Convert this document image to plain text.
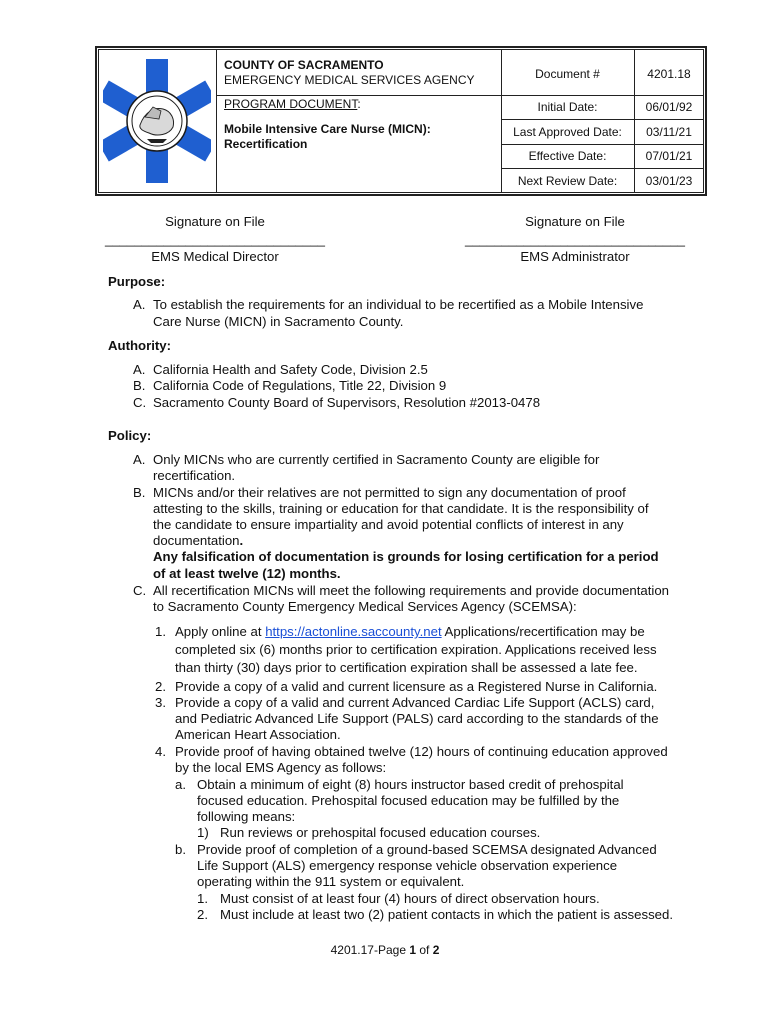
COUNTY OF SACRAMENTO
EMERGENCY MEDICAL SERVICES AGENCY
PROGRAM DOCUMENT:
Mobile Intensive Care Nurse (MICN):
Recertification
Document #	4201.18
Initial Date:	06/01/92
Last Approved Date:	03/11/21
Effective Date:	07/01/21
Next Review Date:	03/01/23
Signature on File
______________________________
EMS Medical Director
Signature on File
______________________________
EMS Administrator
Purpose:
A. To establish the requirements for an individual to be recertified as a Mobile Intensive
Care Nurse (MICN) in Sacramento County.
Authority:
A. California Health and Safety Code, Division 2.5
B. California Code of Regulations, Title 22, Division 9
C. Sacramento County Board of Supervisors, Resolution #2013-0478
Policy:
A. Only MICNs who are currently certified in Sacramento County are eligible for
recertification.
B. MICNs and/or their relatives are not permitted to sign any documentation of proof
attesting to the skills, training or education for that candidate. It is the responsibility of
the candidate to ensure impartiality and avoid potential conflicts of interest in any
documentation.
Any falsification of documentation is grounds for losing certification for a period
of at least twelve (12) months.
C. All recertification MICNs will meet the following requirements and provide documentation
to Sacramento County Emergency Medical Services Agency (SCEMSA):
1. Apply online at https://actonline.saccounty.net Applications/recertification may be
completed six (6) months prior to certification expiration. Applications received less
than thirty (30) days prior to certification expiration shall be assessed a late fee.
2. Provide a copy of a valid and current licensure as a Registered Nurse in California.
3. Provide a copy of a valid and current Advanced Cardiac Life Support (ACLS) card,
and Pediatric Advanced Life Support (PALS) card according to the standards of the
American Heart Association.
4. Provide proof of having obtained twelve (12) hours of continuing education approved
by the local EMS Agency as follows:
a. Obtain a minimum of eight (8) hours instructor based credit of prehospital
focused education. Prehospital focused education may be fulfilled by the
following means:
1) Run reviews or prehospital focused education courses.
b. Provide proof of completion of a ground-based SCEMSA designated Advanced
Life Support (ALS) emergency response vehicle observation experience
operating within the 911 system or equivalent.
1. Must consist of at least four (4) hours of direct observation hours.
2. Must include at least two (2) patient contacts in which the patient is assessed.
4201.17-Page 1 of 2
